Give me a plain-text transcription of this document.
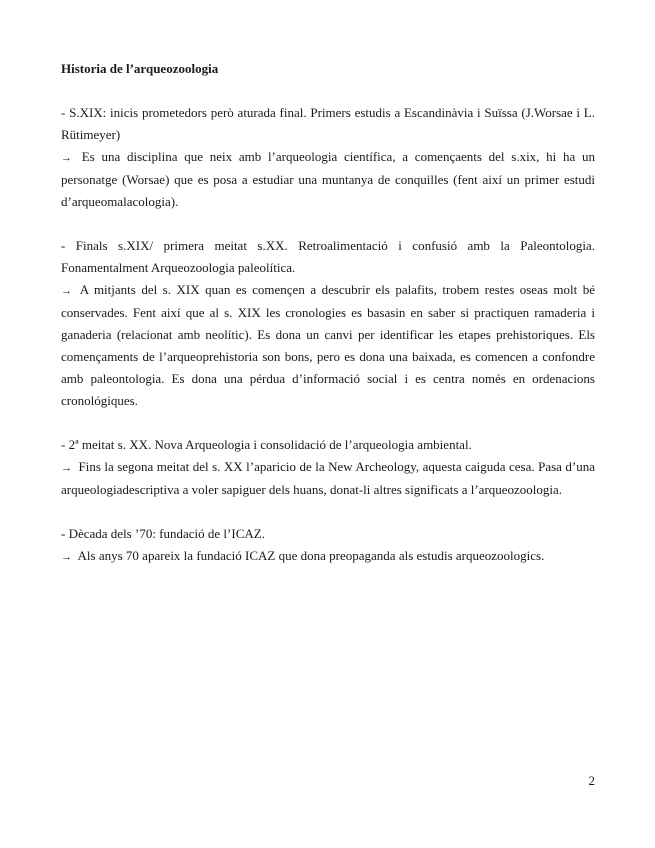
Historia de l’arqueozoologia

- S.XIX: inicis prometedors però aturada final. Primers estudis a Escandinàvia i Suïssa (J.Worsae i L. Rütimeyer)

→ Es una disciplina que neix amb l’arqueologia científica, a començaents del s.xix, hi ha un personatge (Worsae) que es posa a estudiar una muntanya de conquilles (fent així un primer estudi d’arqueomalacologia).

- Finals s.XIX/ primera meitat s.XX. Retroalimentació i confusió amb la Paleontologia. Fonamentalment Arqueozoologia paleolítica.

→ A mitjants del s. XIX quan es començen a descubrir els palafits, trobem restes oseas molt bé conservades. Fent així que al s. XIX les cronologies es basasin en saber si practiquen ramaderia i ganaderia (relacionat amb neolític). Es dona un canvi per identificar les etapes prehistoriques. Els començaments de l’arqueoprehistoria son bons, pero es dona una baixada, es comencen a confondre amb paleontologia. Es dona una pérdua d’informació social i es centra només en ordenacions cronológiques.

- 2ª meitat s. XX. Nova Arqueologia i consolidació de l’arqueologia ambiental.

→ Fins la segona meitat del s. XX l’aparicio de la New Archeology, aquesta caiguda cesa. Pasa d’una arqueologiadescriptiva a voler sapiguer dels huans, donat-li altres significats a l’arqueozoologia.

- Dècada dels ’70: fundació de l’ICAZ.

→ Als anys 70 apareix la fundació ICAZ que dona preopaganda als estudis arqueozoologics.

2
